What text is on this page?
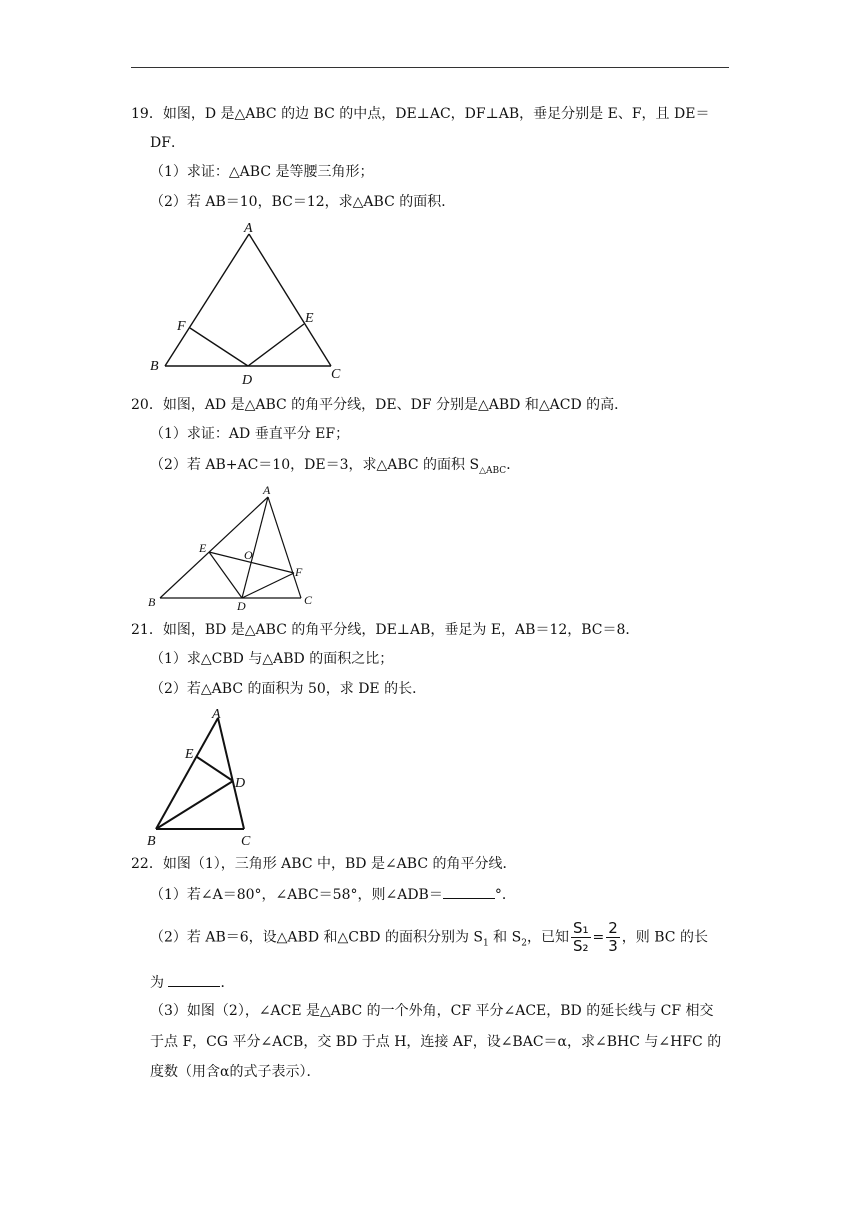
19．如图，D 是△ABC 的边 BC 的中点，DE⊥AC，DF⊥AB，垂足分别是 E、F，且 DE＝
DF．
（1）求证：△ABC 是等腰三角形；
（2）若 AB＝10，BC＝12，求△ABC 的面积．
A
B
C
D
E
F
20．如图，AD 是△ABC 的角平分线，DE、DF 分别是△ABD 和△ACD 的高．
（1）求证：AD 垂直平分 EF；
（2）若 AB+AC＝10，DE＝3，求△ABC 的面积 $S_{\triangle ABC}$．
A
B	C
D
E
F
O
21．如图，BD 是△ABC 的角平分线，DE⊥AB，垂足为 E，AB＝12，BC＝8．
（1）求△CBD 与△ABD 的面积之比；
（2）若△ABC 的面积为 50，求 DE 的长．
A
B	C
D
E
22．如图（1），三角形 ABC 中，BD 是∠ABC 的角平分线．
（1）若∠A＝80°，∠ABC＝58°，则∠ADB＝	°．
（2）若 AB＝6，设△ABD 和△CBD 的面积分别为 $S_1$ 和 $S_2$，已知 $\frac{\text{S₁}}{\text{S₂}} = \frac{2}{3}$ ，则 BC 的长
为	．
（3）如图（2），∠ACE 是△ABC 的一个外角，CF 平分∠ACE，BD 的延长线与 CF 相交
于点 F，CG 平分∠ACB，交 BD 于点 H，连接 AF，设∠BAC＝α，求∠BHC 与∠HFC 的
度数（用含α的式子表示）．
